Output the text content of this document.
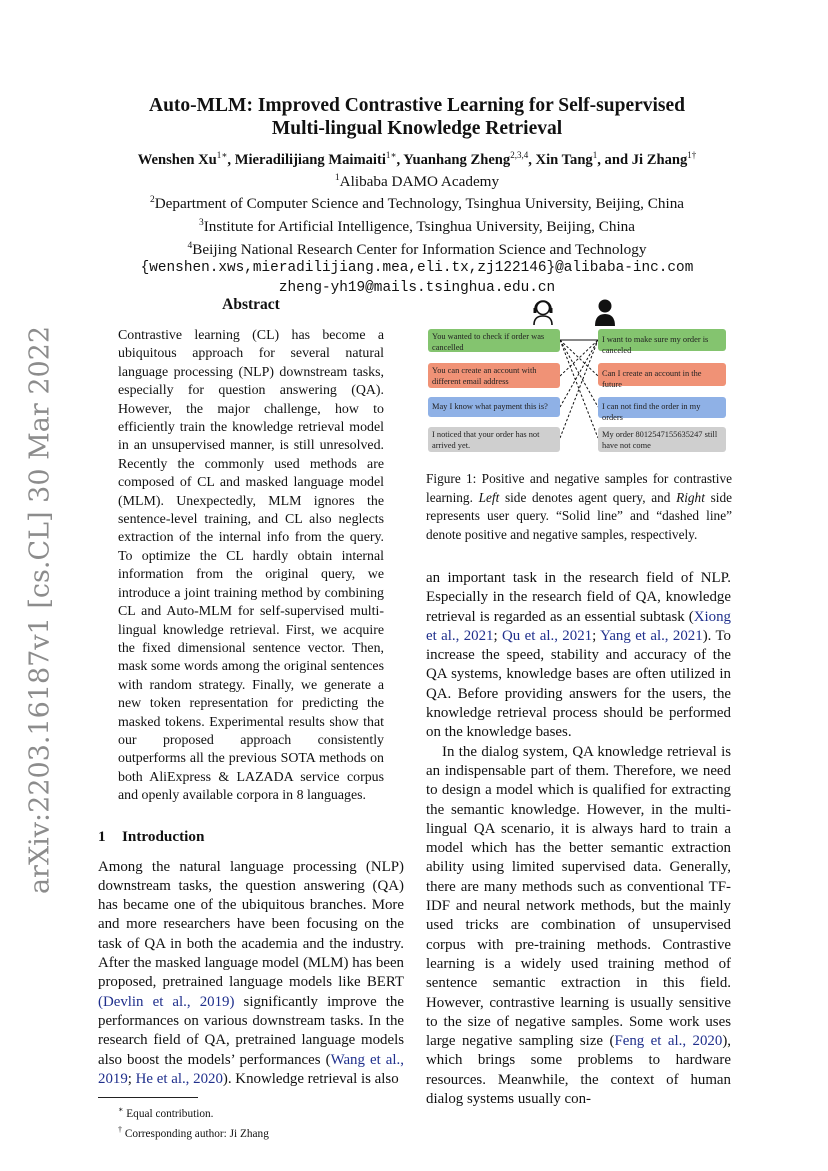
arXiv:2203.16187v1 [cs.CL] 30 Mar 2022
Auto-MLM: Improved Contrastive Learning for Self-supervised
Multi-lingual Knowledge Retrieval
Wenshen $Xu^{1∗}$, Mieradilijiang Maimaiti$^{1∗}$, Yuanhang Zheng$^{2,3,4}$, Xin Tang$^1$, and Ji Zhang$^{1\dagger}$
$^1$Alibaba DAMO Academy
$^2$Department of Computer Science and Technology, Tsinghua University, Beijing, China
$^3$Institute for Artificial Intelligence, Tsinghua University, Beijing, China
$^4$Beijing National Research Center for Information Science and Technology
{wenshen.xws,mieradilijiang.mea,eli.tx,zj122146}@alibaba-inc.com
zheng-yh19@mails.tsinghua.edu.cn
Abstract

Contrastive learning (CL) has become a ubiquitous approach for several natural language processing (NLP) downstream tasks, especially for question answering (QA). However, the major challenge, how to efficiently train the knowledge retrieval model in an unsupervised manner, is still unresolved. Recently the commonly used methods are composed of CL and masked language model (MLM). Unexpectedly, MLM ignores the sentence-level training, and CL also neglects extraction of the internal info from the query. To optimize the CL hardly obtain internal information from the original query, we introduce a joint training method by combining CL and Auto-MLM for self-supervised multi-lingual knowledge retrieval. First, we acquire the fixed dimensional sentence vector. Then, mask some words among the original sentences with random strategy. Finally, we generate a new token representation for predicting the masked tokens. Experimental results show that our proposed approach consistently outperforms all the previous SOTA methods on both AliExpress & LAZADA service corpus and openly available corpora in 8 languages.

1 Introduction

Among the natural language processing (NLP) downstream tasks, the question answering (QA) has became one of the ubiquitous branches. More and more researchers have been focusing on the task of QA in both the academia and the industry. After the masked language model (MLM) has been proposed, pretrained language models like BERT (Devlin et al., 2019) significantly improve the performances on various downstream tasks. In the research field of QA, pretrained language models also boost the models’ performances (Wang et al., 2019; He et al., 2020). Knowledge retrieval is also

∗ Equal contribution.
† Corresponding author: Ji Zhang
You wanted to check if order was cancelled
You can create an account with different email address
May I know what payment this is?
I noticed that your order has not arrived yet.
I want to make sure my order is canceled
Can I create an account in the future
I can not find the order in my orders
My order 8012547155635247 still have not come
Figure 1: Positive and negative samples for contrastive learning. Left side denotes agent query, and Right side represents user query. “Solid line” and “dashed line” denote positive and negative samples, respectively.

an important task in the research field of NLP. Especially in the research field of QA, knowledge retrieval is regarded as an essential subtask (Xiong et al., 2021; Qu et al., 2021; Yang et al., 2021). To increase the speed, stability and accuracy of the QA systems, knowledge bases are often utilized in QA. Before providing answers for the users, the knowledge retrieval process should be performed on the knowledge bases.

In the dialog system, QA knowledge retrieval is an indispensable part of them. Therefore, we need to design a model which is qualified for extracting the semantic knowledge. However, in the multi-lingual QA scenario, it is always hard to train a model which has the better semantic extraction ability using limited supervised data. Generally, there are many methods such as conventional TF-IDF and neural network methods, but the mainly used tricks are combination of unsupervised corpus with pre-training methods. Contrastive learning is a widely used training method of sentence semantic extraction in this field. However, contrastive learning is usually sensitive to the size of negative samples. Some work uses large negative sampling size (Feng et al., 2020), which brings some problems to hardware resources. Meanwhile, the context of human dialog systems usually con-
